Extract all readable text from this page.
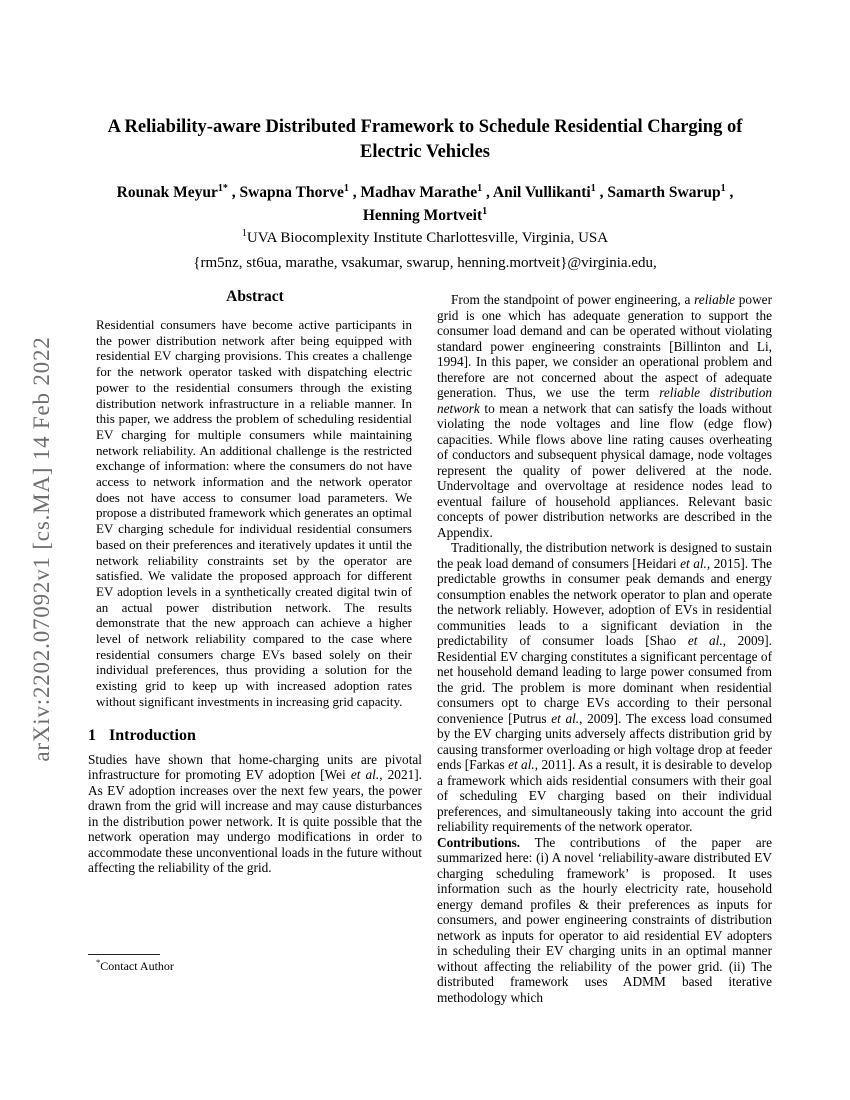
arXiv:2202.07092v1 [cs.MA] 14 Feb 2022
A Reliability-aware Distributed Framework to Schedule Residential Charging of Electric Vehicles
Rounak Meyur$^{1*}$ , Swapna Thorve$^1$ , Madhav Marathe$^1$ , Anil Vullikanti$^1$ , Samarth Swarup$^1$ , Henning Mortveit$^1$
$^1$UVA Biocomplexity Institute Charlottesville, Virginia, USA
{rm5nz, st6ua, marathe, vsakumar, swarup, henning.mortveit}@virginia.edu,
Abstract
Residential consumers have become active participants in the power distribution network after being equipped with residential EV charging provisions. This creates a challenge for the network operator tasked with dispatching electric power to the residential consumers through the existing distribution network infrastructure in a reliable manner. In this paper, we address the problem of scheduling residential EV charging for multiple consumers while maintaining network reliability. An additional challenge is the restricted exchange of information: where the consumers do not have access to network information and the network operator does not have access to consumer load parameters. We propose a distributed framework which generates an optimal EV charging schedule for individual residential consumers based on their preferences and iteratively updates it until the network reliability constraints set by the operator are satisfied. We validate the proposed approach for different EV adoption levels in a synthetically created digital twin of an actual power distribution network. The results demonstrate that the new approach can achieve a higher level of network reliability compared to the case where residential consumers charge EVs based solely on their individual preferences, thus providing a solution for the existing grid to keep up with increased adoption rates without significant investments in increasing grid capacity.
1 Introduction

Studies have shown that home-charging units are pivotal infrastructure for promoting EV adoption [Wei et al., 2021]. As EV adoption increases over the next few years, the power drawn from the grid will increase and may cause disturbances in the distribution power network. It is quite possible that the network operation may undergo modifications in order to accommodate these unconventional loads in the future without affecting the reliability of the grid.

From the standpoint of power engineering, a reliable power grid is one which has adequate generation to support the consumer load demand and can be operated without violating standard power engineering constraints [Billinton and Li, 1994]. In this paper, we consider an operational problem and therefore are not concerned about the aspect of adequate generation. Thus, we use the term reliable distribution network to mean a network that can satisfy the loads without violating the node voltages and line flow (edge flow) capacities. While flows above line rating causes overheating of conductors and subsequent physical damage, node voltages represent the quality of power delivered at the node. Undervoltage and overvoltage at residence nodes lead to eventual failure of household appliances. Relevant basic concepts of power distribution networks are described in the Appendix.

Traditionally, the distribution network is designed to sustain the peak load demand of consumers [Heidari et al., 2015]. The predictable growths in consumer peak demands and energy consumption enables the network operator to plan and operate the network reliably. However, adoption of EVs in residential communities leads to a significant deviation in the predictability of consumer loads [Shao et al., 2009]. Residential EV charging constitutes a significant percentage of net household demand leading to large power consumed from the grid. The problem is more dominant when residential consumers opt to charge EVs according to their personal convenience [Putrus et al., 2009]. The excess load consumed by the EV charging units adversely affects distribution grid by causing transformer overloading or high voltage drop at feeder ends [Farkas et al., 2011]. As a result, it is desirable to develop a framework which aids residential consumers with their goal of scheduling EV charging based on their individual preferences, and simultaneously taking into account the grid reliability requirements of the network operator.

Contributions. The contributions of the paper are summarized here: (i) A novel ‘reliability-aware distributed EV charging scheduling framework’ is proposed. It uses information such as the hourly electricity rate, household energy demand profiles & their preferences as inputs for consumers, and power engineering constraints of distribution network as inputs for operator to aid residential EV adopters in scheduling their EV charging units in an optimal manner without affecting the reliability of the power grid. (ii) The distributed framework uses ADMM based iterative methodology which

*Contact Author
